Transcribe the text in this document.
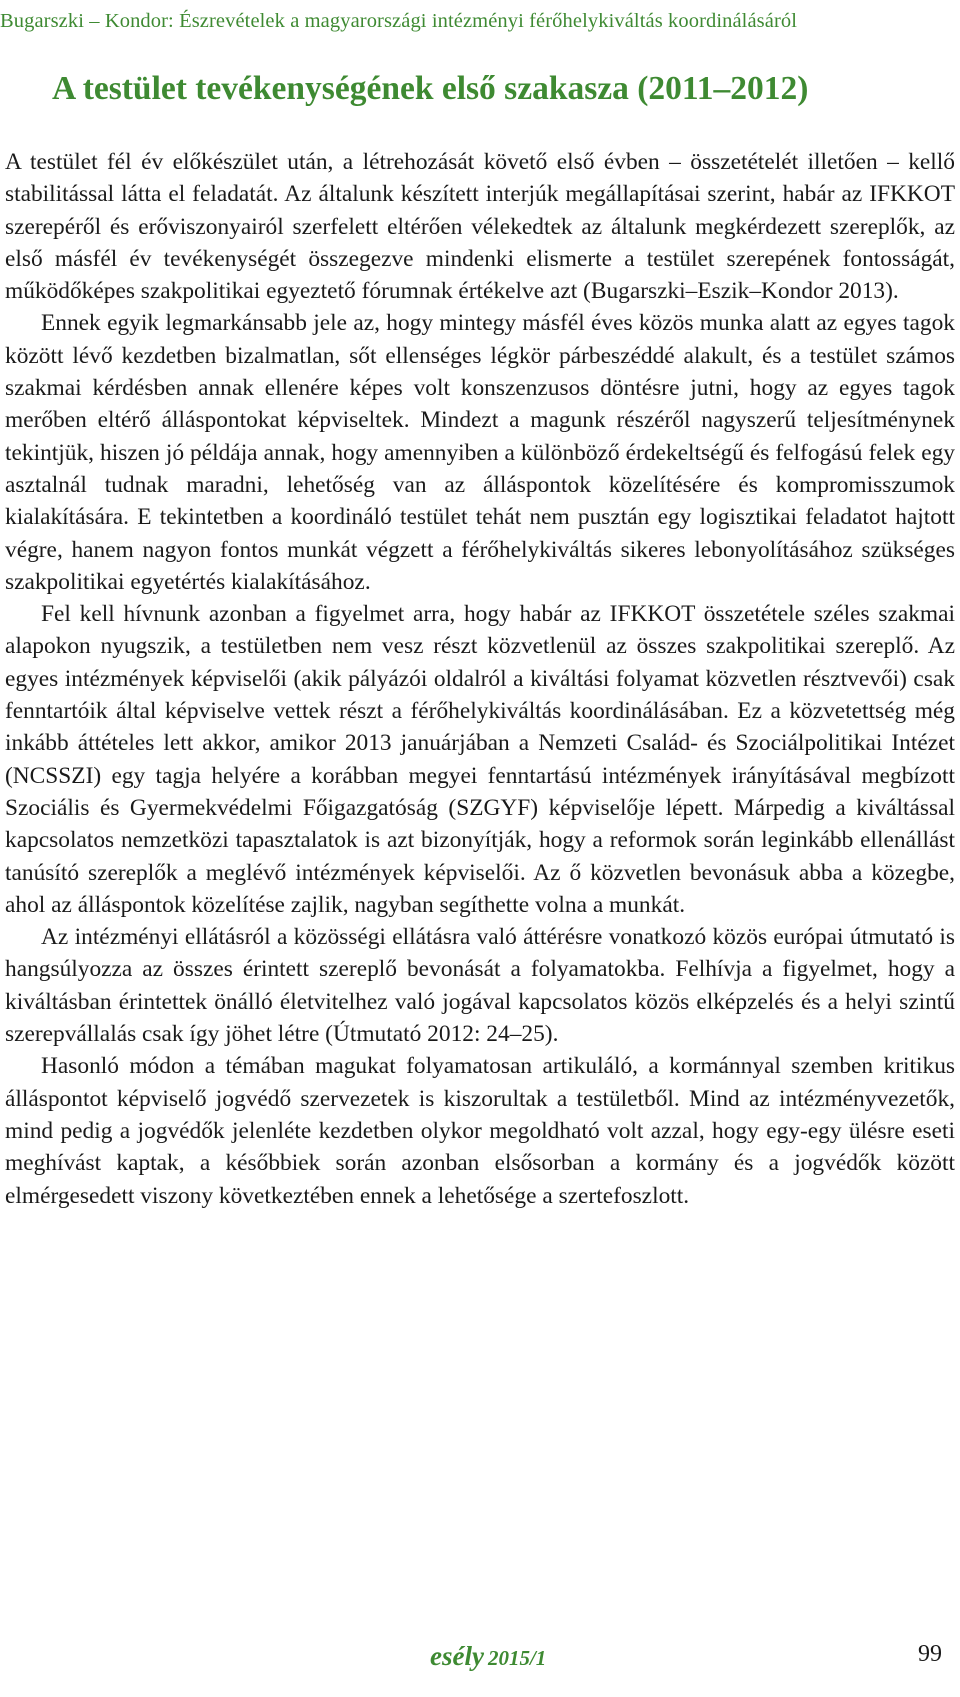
Bugarszki – Kondor: Észrevételek a magyarországi intézményi férőhelykiváltás koordinálásáról
A testület tevékenységének első szakasza (2011–2012)

A testület fél év előkészület után, a létrehozását követő első évben – összetételét illetően – kellő stabilitással látta el feladatát. Az általunk készített interjúk megállapításai szerint, habár az IFKKOT szerepéről és erőviszonyairól szerfelett eltérően vélekedtek az általunk megkérdezett szereplők, az első másfél év tevékenységét összegezve mindenki elismerte a testület szerepének fontosságát, működőképes szakpolitikai egyeztető fórumnak értékelve azt (Bugarszki–Eszik–Kondor 2013).

Ennek egyik legmarkánsabb jele az, hogy mintegy másfél éves közös munka alatt az egyes tagok között lévő kezdetben bizalmatlan, sőt ellenséges légkör párbeszéddé alakult, és a testület számos szakmai kérdésben annak ellenére képes volt konszenzusos döntésre jutni, hogy az egyes tagok merőben eltérő álláspontokat képviseltek. Mindezt a magunk részéről nagyszerű teljesítménynek tekintjük, hiszen jó példája annak, hogy amennyiben a különböző érdekeltségű és felfogású felek egy asztalnál tudnak maradni, lehetőség van az álláspontok közelítésére és kompromisszumok kialakítására. E tekintetben a koordináló testület tehát nem pusztán egy logisztikai feladatot hajtott végre, hanem nagyon fontos munkát végzett a férőhelykiváltás sikeres lebonyolításához szükséges szakpolitikai egyetértés kialakításához.

Fel kell hívnunk azonban a figyelmet arra, hogy habár az IFKKOT összetétele széles szakmai alapokon nyugszik, a testületben nem vesz részt közvetlenül az összes szakpolitikai szereplő. Az egyes intézmények képviselői (akik pályázói oldalról a kiváltási folyamat közvetlen résztvevői) csak fenntartóik által képviselve vettek részt a férőhelykiváltás koordinálásában. Ez a közvetettség még inkább áttételes lett akkor, amikor 2013 januárjában a Nemzeti Család- és Szociálpolitikai Intézet (NCSSZI) egy tagja helyére a korábban megyei fenntartású intézmények irányításával megbízott Szociális és Gyermekvédelmi Főigazgatóság (SZGYF) képviselője lépett. Márpedig a kiváltással kapcsolatos nemzetközi tapasztalatok is azt bizonyítják, hogy a reformok során leginkább ellenállást tanúsító szereplők a meglévő intézmények képviselői. Az ő közvetlen bevonásuk abba a közegbe, ahol az álláspontok közelítése zajlik, nagyban segíthette volna a munkát.

Az intézményi ellátásról a közösségi ellátásra való áttérésre vonatkozó közös európai útmutató is hangsúlyozza az összes érintett szereplő bevonását a folyamatokba. Felhívja a figyelmet, hogy a kiváltásban érintettek önálló életvitelhez való jogával kapcsolatos közös elképzelés és a helyi szintű szerepvállalás csak így jöhet létre (Útmutató 2012: 24–25).

Hasonló módon a témában magukat folyamatosan artikuláló, a kormánnyal szemben kritikus álláspontot képviselő jogvédő szervezetek is kiszorultak a testületből. Mind az intézményvezetők, mind pedig a jogvédők jelenléte kezdetben olykor megoldható volt azzal, hogy egy-egy ülésre eseti meghívást kaptak, a későbbiek során azonban elsősorban a kormány és a jogvédők között elmérgesedett viszony következtében ennek a lehetősége a szertefoszlott.

esély 2015/1	99
